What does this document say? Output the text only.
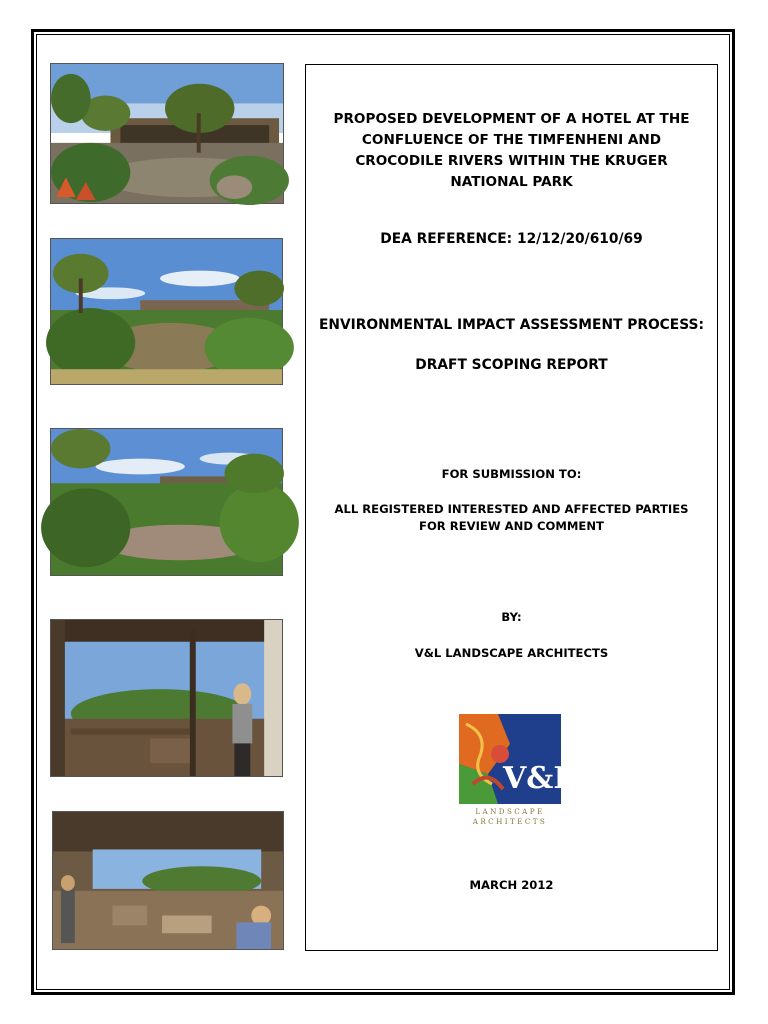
PROPOSED DEVELOPMENT OF A HOTEL AT THE CONFLUENCE OF THE TIMFENHENI AND CROCODILE RIVERS WITHIN THE KRUGER NATIONAL PARK
DEA REFERENCE: 12/12/20/610/69
ENVIRONMENTAL IMPACT ASSESSMENT PROCESS:
DRAFT SCOPING REPORT
FOR SUBMISSION TO:
ALL REGISTERED INTERESTED AND AFFECTED PARTIES FOR REVIEW AND COMMENT
BY:
V&L LANDSCAPE ARCHITECTS
V&L
LANDSCAPE
ARCHITECTS
MARCH 2012
